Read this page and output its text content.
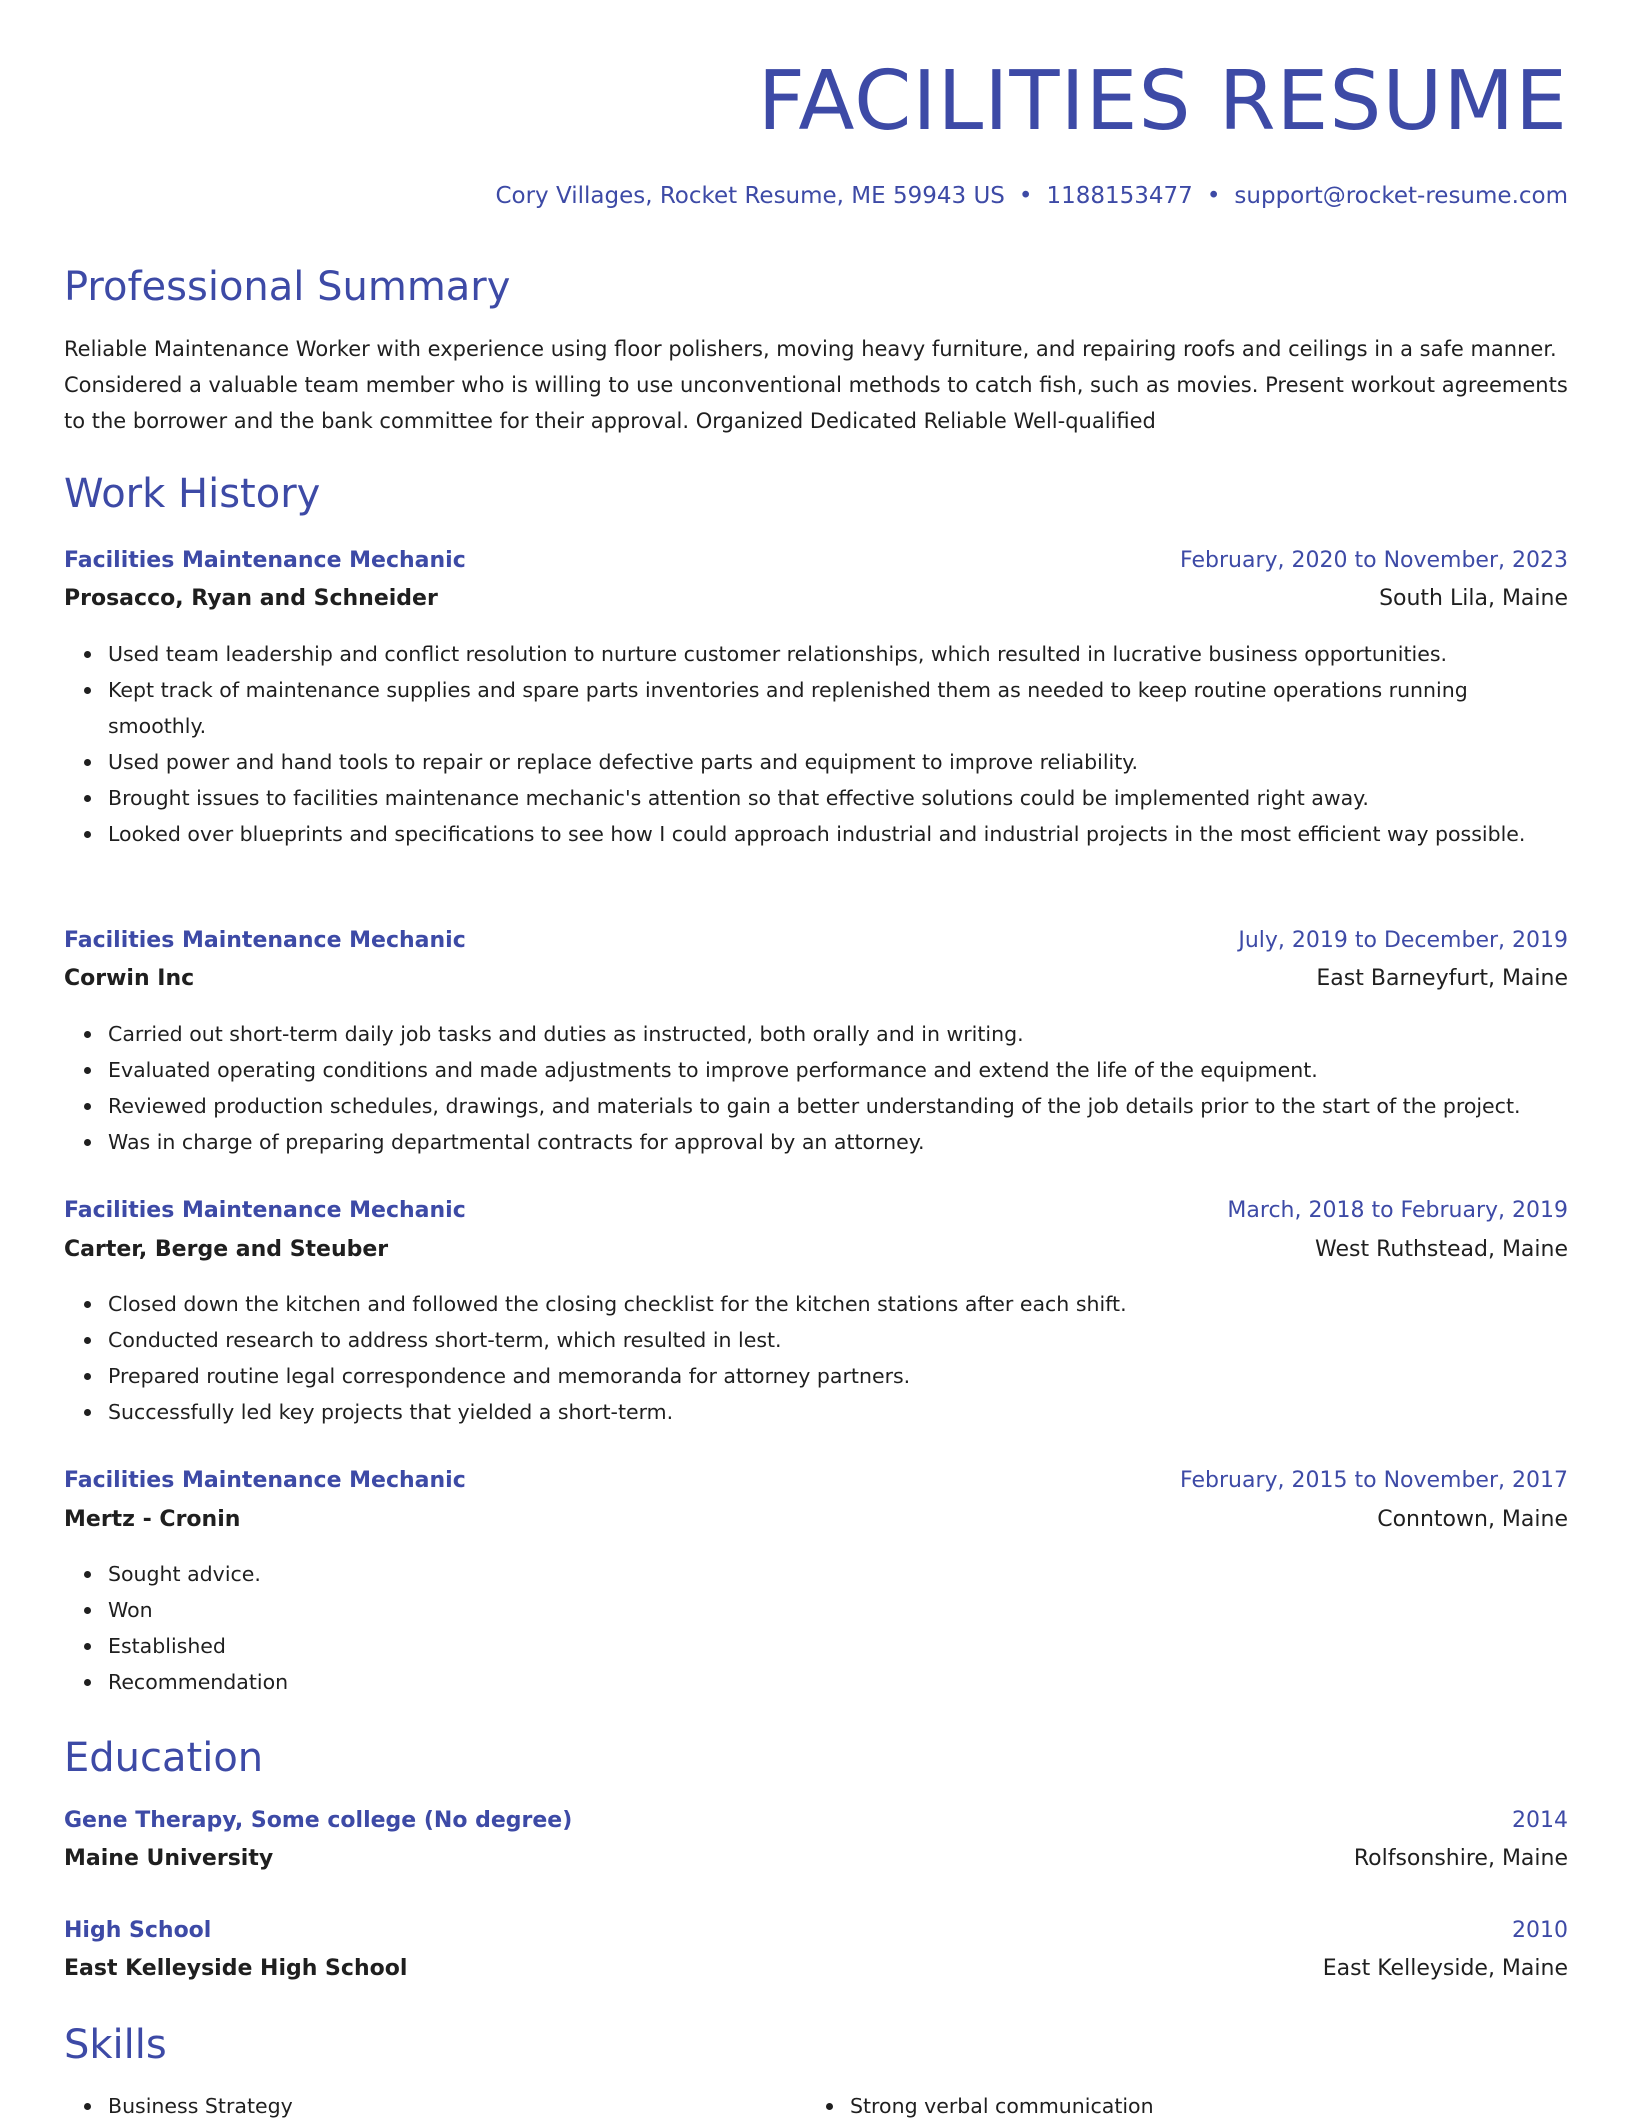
FACILITIES RESUME
Cory Villages, Rocket Resume, ME 59943 US • 1188153477 • support@rocket-resume.com
Professional Summary

Reliable Maintenance Worker with experience using floor polishers, moving heavy furniture, and repairing roofs and ceilings in a safe manner. Considered a valuable team member who is willing to use unconventional methods to catch fish, such as movies. Present workout agreements to the borrower and the bank committee for their approval. Organized Dedicated Reliable Well-qualified

Work History
Facilities Maintenance Mechanic	February, 2020 to November, 2023
Prosacco, Ryan and Schneider	South Lila, Maine
Used team leadership and conflict resolution to nurture customer relationships, which resulted in lucrative business opportunities.
Kept track of maintenance supplies and spare parts inventories and replenished them as needed to keep routine operations running smoothly.
Used power and hand tools to repair or replace defective parts and equipment to improve reliability.
Brought issues to facilities maintenance mechanic's attention so that effective solutions could be implemented right away.
Looked over blueprints and specifications to see how I could approach industrial and industrial projects in the most efficient way possible.
Facilities Maintenance Mechanic	July, 2019 to December, 2019
Corwin Inc	East Barneyfurt, Maine
Carried out short-term daily job tasks and duties as instructed, both orally and in writing.
Evaluated operating conditions and made adjustments to improve performance and extend the life of the equipment.
Reviewed production schedules, drawings, and materials to gain a better understanding of the job details prior to the start of the project.
Was in charge of preparing departmental contracts for approval by an attorney.
Facilities Maintenance Mechanic	March, 2018 to February, 2019
Carter, Berge and Steuber	West Ruthstead, Maine
Closed down the kitchen and followed the closing checklist for the kitchen stations after each shift.
Conducted research to address short-term, which resulted in lest.
Prepared routine legal correspondence and memoranda for attorney partners.
Successfully led key projects that yielded a short-term.
Facilities Maintenance Mechanic	February, 2015 to November, 2017
Mertz - Cronin	Conntown, Maine
Sought advice.
Won
Established
Recommendation
Education
Gene Therapy, Some college (No degree)	2014
Maine University	Rolfsonshire, Maine
High School	2010
East Kelleyside High School	East Kelleyside, Maine
Skills
Business Strategy	Strong verbal communication
